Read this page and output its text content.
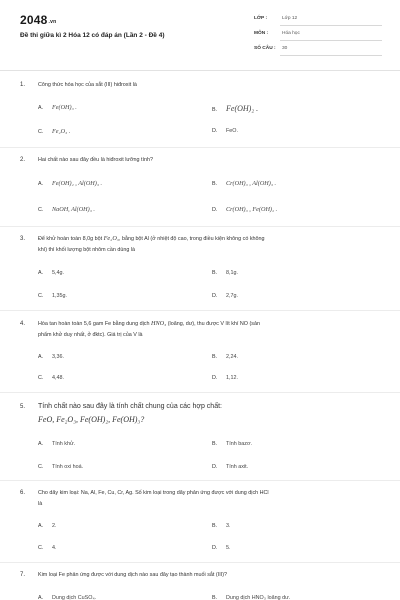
2048.vn
Đề thi giữa kì 2 Hóa 12 có đáp án (Lần 2 - Đề 4)
LỚP :	Lớp 12
MÔN :	Hóa học
SỐ CÂU : 30
1. Công thức hóa học của sắt (III) hiđroxit là
A. Fe(OH)₃ .	B. Fe(OH)₂ .
C. Fe₂O₃ .	D. FeO.
2. Hai chất nào sau đây đều là hiđroxit lưỡng tính?
A. Fe(OH)₂ , Al(OH)₃ .	B. Cr(OH)₃ , Al(OH)₃ .
C. NaOH, Al(OH)₃ .	D. Cr(OH)₃ , Fe(OH)₂ .
3. Để khử hoàn toàn 8,0g bột Fe₂O₃, bằng bột Al (ở nhiệt độ cao, trong điều kiện không có không
khí) thì khối lượng bột nhôm cần dùng là
A. 5,4g.	B. 8,1g.
C. 1,35g.	D. 2,7g.
4. Hòa tan hoàn toàn 5,6 gam Fe bằng dung dịch HNO₃ (loãng, dư), thu được V lít khí NO (sản
phẩm khử duy nhất, ở đktc). Giá trị của V là
A. 3,36.	B. 2,24.
C. 4,48.	D. 1,12.
5. Tính chất nào sau đây là tính chất chung của các hợp chất:
FeO, Fe₂O₃, Fe(OH)₂, Fe(OH)₃?
A. Tính khử.	B. Tính bazơ.
C. Tính oxi hoá.	D. Tính axit.
6. Cho dãy kim loại: Na, Al, Fe, Cu, Cr, Ag. Số kim loại trong dãy phản ứng được với dung dịch HCl
là
A. 2.	B. 3.
C. 4.	D. 5.
7. Kim loại Fe phản ứng được với dung dịch nào sau đây tạo thành muối sắt (III)?
A. Dung dịch CuSO₄.	B. Dung dịch HNO₃ loãng dư.
